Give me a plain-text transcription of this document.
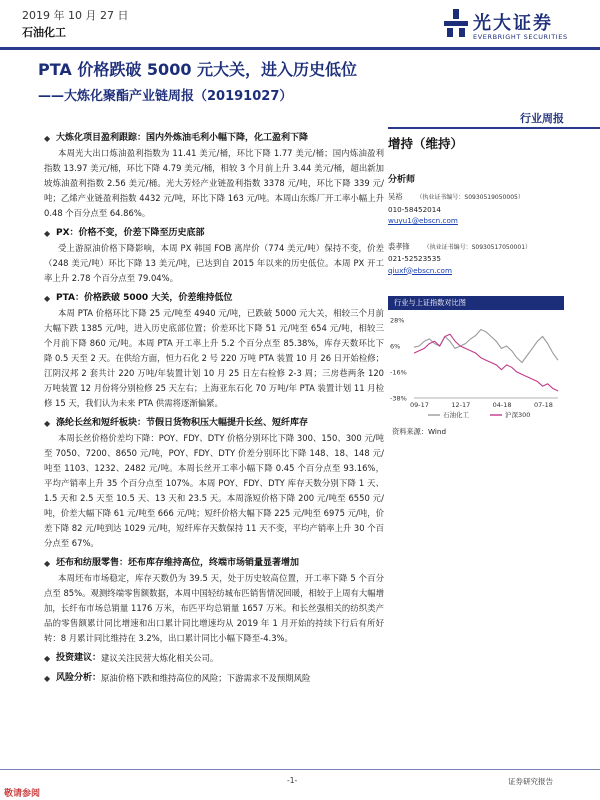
2019 年 10 月 27 日
石油化工	光大证券
EVERBRIGHT SECURITIES
PTA 价格跌破 5000 元大关，进入历史低位
——大炼化聚酯产业链周报（20191027）
行业周报
◆ 大炼化项目盈利跟踪：国内外炼油毛利小幅下降，化工盈利下降
本周光大出口炼油盈利指数为 11.41 美元/桶，环比下降 1.77 美元/桶；国内炼油盈利指数 13.97 美元/桶，环比下降 4.79 美元/桶，相较 3 个月前上升 3.44 美元/桶，超出新加坡炼油盈利指数 2.56 美元/桶。光大芳烃产业链盈利指数 3378 元/吨，环比下降 339 元/吨；乙烯产业链盈利指数 4432 元/吨，环比下降 163 元/吨。本周山东炼厂开工率小幅上升 0.48 个百分点至 64.86%。
◆ PX：价格不变，价差下降至历史底部
受上游原油价格下降影响，本周 PX 韩国 FOB 离岸价（774 美元/吨）保持不变，价差（248 美元/吨）环比下降 13 美元/吨，已达到自 2015 年以来的历史低位。本周 PX 开工率上升 2.78 个百分点至 79.04%。
◆ PTA：价格跌破 5000 大关，价差维持低位
本周 PTA 价格环比下降 25 元/吨至 4940 元/吨，已跌破 5000 元大关，相较三个月前大幅下跌 1385 元/吨，进入历史底部位置；价差环比下降 51 元/吨至 654 元/吨，相较三个月前下降 860 元/吨。本周 PTA 开工率上升 5.2 个百分点至 85.38%，库存天数环比下降 0.5 天至 2 天。在供给方面，恒力石化 2 号 220 万吨 PTA 装置 10 月 26 日开始检修；江阴汉邦 2 套共计 220 万吨/年装置计划 10 月 25 日左右检修 2-3 周；三房巷两条 120 万吨装置 12 月份将分别检修 25 天左右；上海亚东石化 70 万吨/年 PTA 装置计划 11 月检修 15 天，我们认为未来 PTA 供需将逐渐偏紧。
◆ 涤纶长丝和短纤板块：节假日货物积压大幅提升长丝、短纤库存
本周长丝价格价差均下降：POY、FDY、DTY 价格分别环比下降 300、150、300 元/吨至 7050、7200、8650 元/吨，POY、FDY、DTY 价差分别环比下降 148、18、148 元/吨至 1103、1232、2482 元/吨。本周长丝开工率小幅下降 0.45 个百分点至 93.16%，平均产销率上升 35 个百分点至 107%。本周 POY、FDY、DTY 库存天数分别下降 1 天、1.5 天和 2.5 天至 10.5 天、13 天和 23.5 天。本周涤短价格下降 200 元/吨至 6550 元/吨，价差大幅下降 61 元/吨至 666 元/吨；短纤价格大幅下降 225 元/吨至 6975 元/吨，价差下降 82 元/吨到达 1029 元/吨，短纤库存天数保持 11 天不变，平均产销率上升 30 个百分点至 67%。
◆ 坯布和纺服零售：坯布库存维持高位，终端市场销量显著增加
本周坯布市场稳定，库存天数仍为 39.5 天，处于历史较高位置，开工率下降 5 个百分点至 85%。观测终端零售额数据，本周中国轻纺城布匹销售情况回暖，相较于上周有大幅增加，长纤布市场总销量 1176 万米，布匹平均总销量 1657 万米。和长丝强相关的纺织类产品的零售额累计同比增速和出口累计同比增速均从 2019 年 1 月开始的持续下行后有所好转：8 月累计同比维持在 3.2%，出口累计同比小幅下降至-4.3%。
◆ 投资建议： 建议关注民营大炼化相关公司。
◆ 风险分析： 原油价格下跌和维持高位的风险；下游需求不及预期风险
增持（维持）
分析师
吴裕 （执业证书编号：S0930519050005）
010-58452014
wuyu1@ebscn.com
裘孝锋 （执业证书编号：S0930517050001）
021-52523535
qiuxf@ebscn.com
行业与上证指数对比图
28%
6%
-16%
-38%
09-17	12-17	04-18	07-18
石油化工	沪深300
资料来源：Wind
-1-	证券研究报告
敬请参阅
